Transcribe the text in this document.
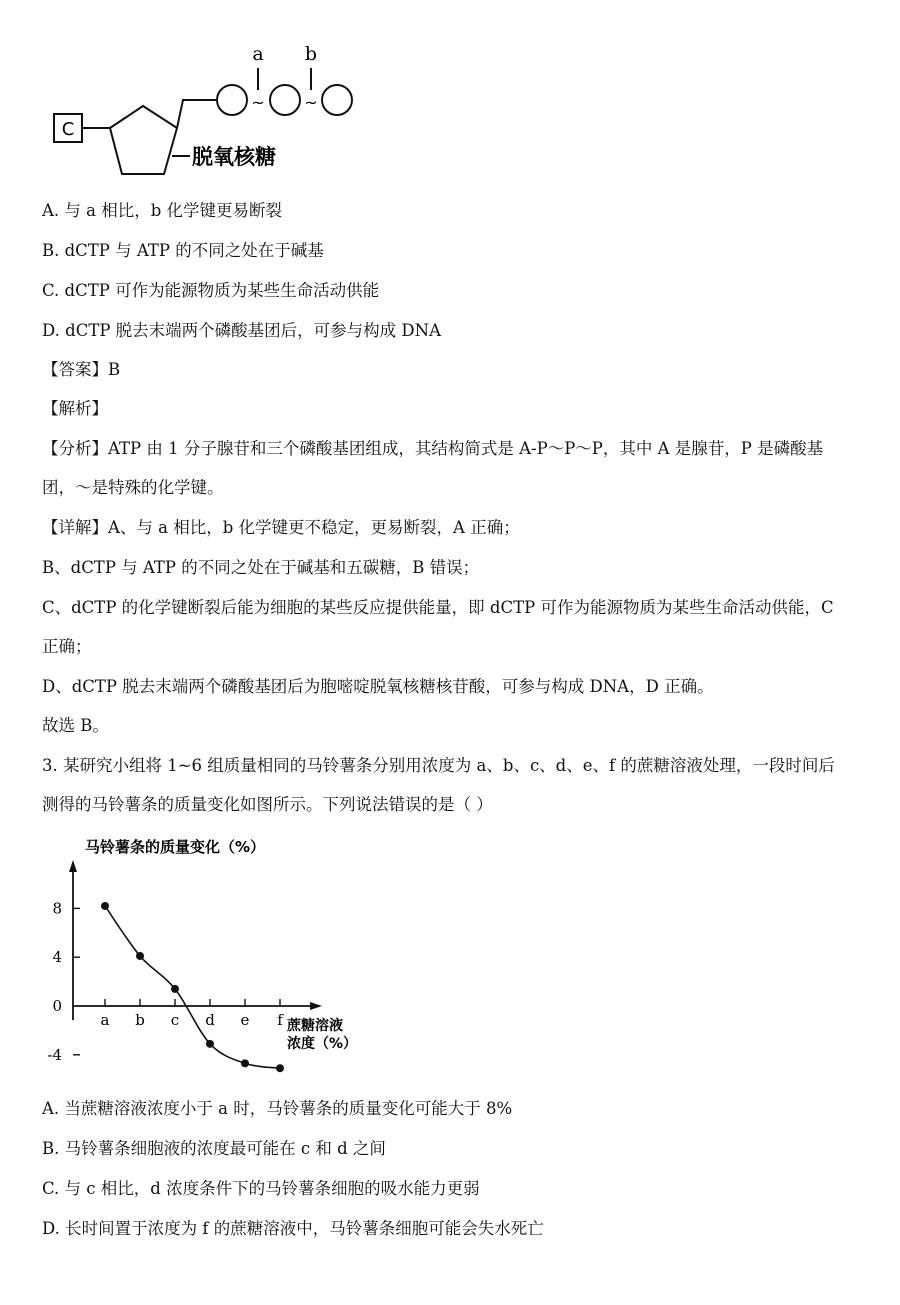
C
脱氧核糖
~ ~
a b
A. 与 a 相比，b 化学键更易断裂
B. dCTP 与 ATP 的不同之处在于碱基
C. dCTP 可作为能源物质为某些生命活动供能
D. dCTP 脱去末端两个磷酸基团后，可参与构成 DNA
【答案】B
【解析】
【分析】ATP 由 1 分子腺苷和三个磷酸基团组成，其结构简式是 A-P～P～P，其中 A 是腺苷，P 是磷酸基
团，～是特殊的化学键。
【详解】A、与 a 相比，b 化学键更不稳定，更易断裂，A 正确；
B、dCTP 与 ATP 的不同之处在于碱基和五碳糖，B 错误；
C、dCTP 的化学键断裂后能为细胞的某些反应提供能量，即 dCTP 可作为能源物质为某些生命活动供能，C
正确；
D、dCTP 脱去末端两个磷酸基团后为胞嘧啶脱氧核糖核苷酸，可参与构成 DNA，D 正确。
故选 B。
3. 某研究小组将 1~6 组质量相同的马铃薯条分别用浓度为 a、b、c、d、e、f 的蔗糖溶液处理，一段时间后
测得的马铃薯条的质量变化如图所示。下列说法错误的是（ ）
马铃薯条的质量变化（%）
8
4
0
-4
a b c d e f 蔗糖溶液
浓度（%）
A. 当蔗糖溶液浓度小于 a 时，马铃薯条的质量变化可能大于 8%
B. 马铃薯条细胞液的浓度最可能在 c 和 d 之间
C. 与 c 相比，d 浓度条件下的马铃薯条细胞的吸水能力更弱
D. 长时间置于浓度为 f 的蔗糖溶液中，马铃薯条细胞可能会失水死亡
